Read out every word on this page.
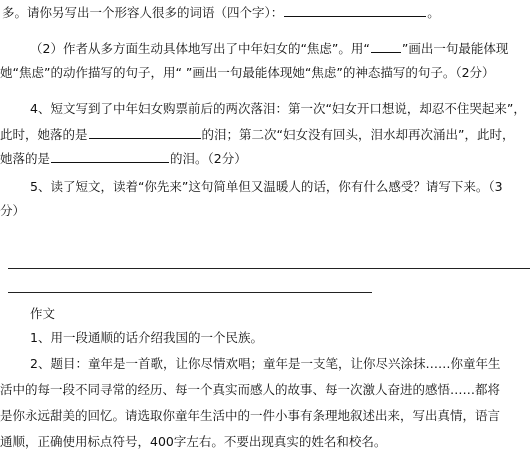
多。请你另写出一个形容人很多的词语（四个字）：	。
（2）作者从多方面生动具体地写出了中年妇女的“焦虑”。用“	”画出一句最能体现
她“焦虑”的动作描写的句子，用“ ”画出一句最能体现她“焦虑”的神态描写的句子。（2分）
4、短文写到了中年妇女购票前后的两次落泪：第一次“妇女开口想说，却忍不住哭起来”，
此时，她落的是	的泪；第二次“妇女没有回头，泪水却再次涌出”，此时，
她落的是	的泪。（2分）
5、读了短文，读着“你先来”这句简单但又温暖人的话，你有什么感受？请写下来。（3
分）
作文
1、用一段通顺的话介绍我国的一个民族。
2、题目：童年是一首歌，让你尽情欢唱；童年是一支笔，让你尽兴涂抹……你童年生
活中的每一段不同寻常的经历、每一个真实而感人的故事、每一次激人奋进的感悟……都将
是你永远甜美的回忆。请选取你童年生活中的一件小事有条理地叙述出来，写出真情，语言
通顺，正确使用标点符号，400字左右。不要出现真实的姓名和校名。
